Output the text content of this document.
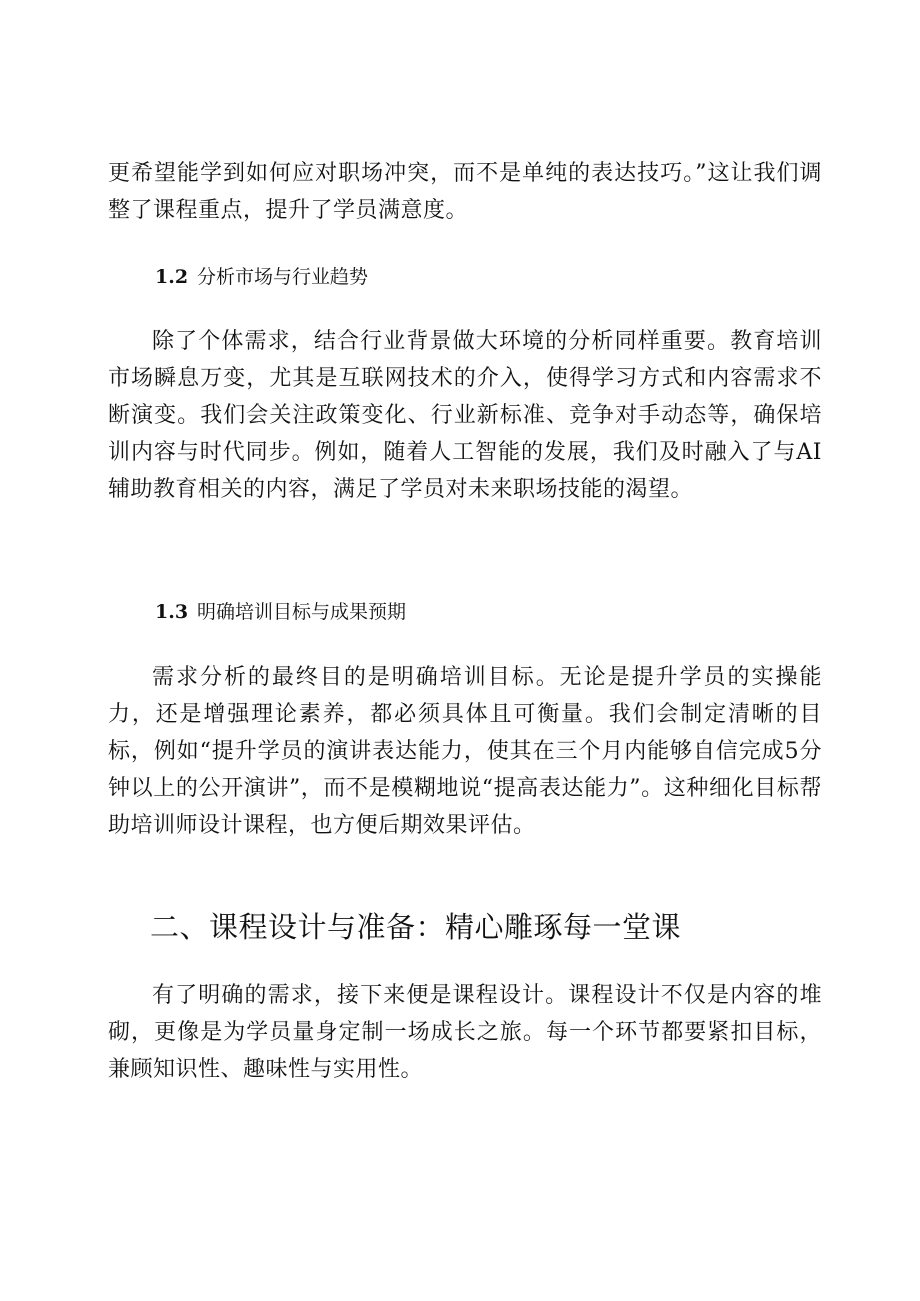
更希望能学到如何应对职场冲突，而不是单纯的表达技巧。”这让我们调整了课程重点，提升了学员满意度。

1.2 分析市场与行业趋势

除了个体需求，结合行业背景做大环境的分析同样重要。教育培训市场瞬息万变，尤其是互联网技术的介入，使得学习方式和内容需求不断演变。我们会关注政策变化、行业新标准、竞争对手动态等，确保培训内容与时代同步。例如，随着人工智能的发展，我们及时融入了与AI辅助教育相关的内容，满足了学员对未来职场技能的渴望。

1.3 明确培训目标与成果预期

需求分析的最终目的是明确培训目标。无论是提升学员的实操能力，还是增强理论素养，都必须具体且可衡量。我们会制定清晰的目标，例如“提升学员的演讲表达能力，使其在三个月内能够自信完成5分钟以上的公开演讲”，而不是模糊地说“提高表达能力”。这种细化目标帮助培训师设计课程，也方便后期效果评估。

二、课程设计与准备：精心雕琢每一堂课

有了明确的需求，接下来便是课程设计。课程设计不仅是内容的堆砌，更像是为学员量身定制一场成长之旅。每一个环节都要紧扣目标，兼顾知识性、趣味性与实用性。
